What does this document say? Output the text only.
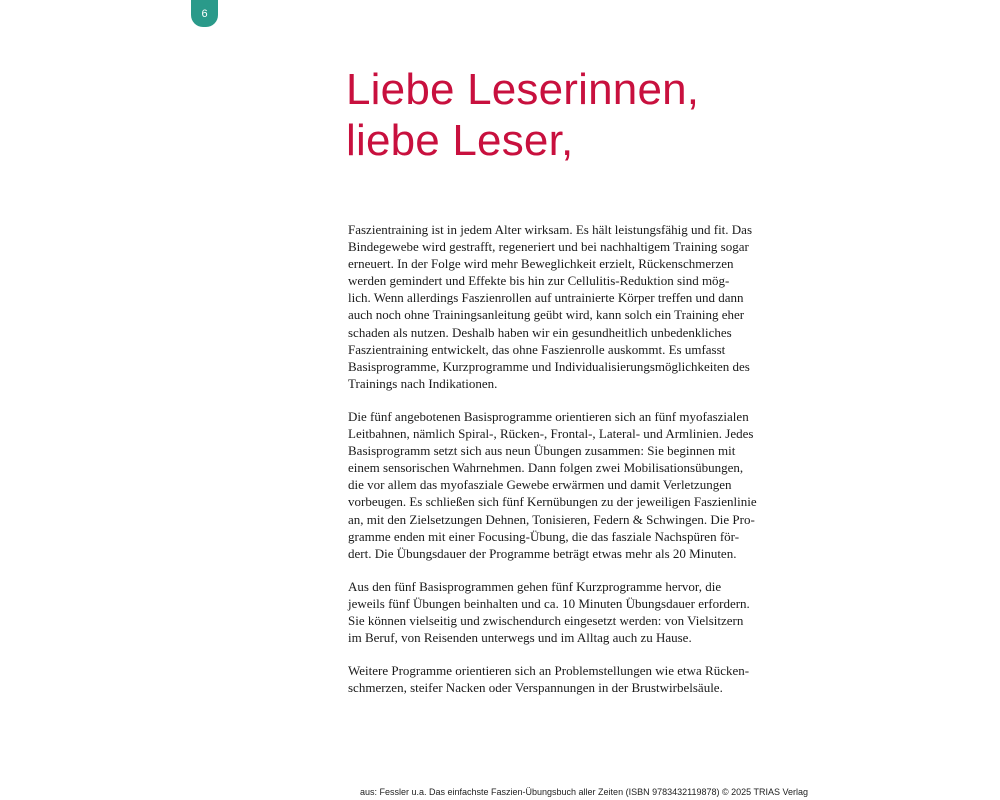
6
Liebe Leserinnen,
liebe Leser,

Faszientraining ist in jedem Alter wirksam. Es hält leistungsfähig und fit. Das
Bindegewebe wird gestrafft, regeneriert und bei nachhaltigem Training sogar
erneuert. In der Folge wird mehr Beweglichkeit erzielt, Rückenschmerzen
werden gemindert und Effekte bis hin zur Cellulitis-Reduktion sind mög-
lich. Wenn allerdings Faszienrollen auf untrainierte Körper treffen und dann
auch noch ohne Trainingsanleitung geübt wird, kann solch ein Training eher
schaden als nutzen. Deshalb haben wir ein gesundheitlich unbedenkliches
Faszientraining entwickelt, das ohne Faszienrolle auskommt. Es umfasst
Basisprogramme, Kurzprogramme und Individualisierungsmöglichkeiten des
Trainings nach Indikationen.

Die fünf angebotenen Basisprogramme orientieren sich an fünf myofaszialen
Leitbahnen, nämlich Spiral-, Rücken-, Frontal-, Lateral- und Armlinien. Jedes
Basisprogramm setzt sich aus neun Übungen zusammen: Sie beginnen mit
einem sensorischen Wahrnehmen. Dann folgen zwei Mobilisationsübungen,
die vor allem das myofasziale Gewebe erwärmen und damit Verletzungen
vorbeugen. Es schließen sich fünf Kernübungen zu der jeweiligen Faszienlinie
an, mit den Zielsetzungen Dehnen, Tonisieren, Federn & Schwingen. Die Pro-
gramme enden mit einer Focusing-Übung, die das fasziale Nachspüren för-
dert. Die Übungsdauer der Programme beträgt etwas mehr als 20 Minuten.

Aus den fünf Basisprogrammen gehen fünf Kurzprogramme hervor, die
jeweils fünf Übungen beinhalten und ca. 10 Minuten Übungsdauer erfordern.
Sie können vielseitig und zwischendurch eingesetzt werden: von Vielsitzern
im Beruf, von Reisenden unterwegs und im Alltag auch zu Hause.

Weitere Programme orientieren sich an Problemstellungen wie etwa Rücken-
schmerzen, steifer Nacken oder Verspannungen in der Brustwirbelsäule.

aus: Fessler u.a. Das einfachste Faszien-Übungsbuch aller Zeiten (ISBN 9783432119878) © 2025 TRIAS Verlag
